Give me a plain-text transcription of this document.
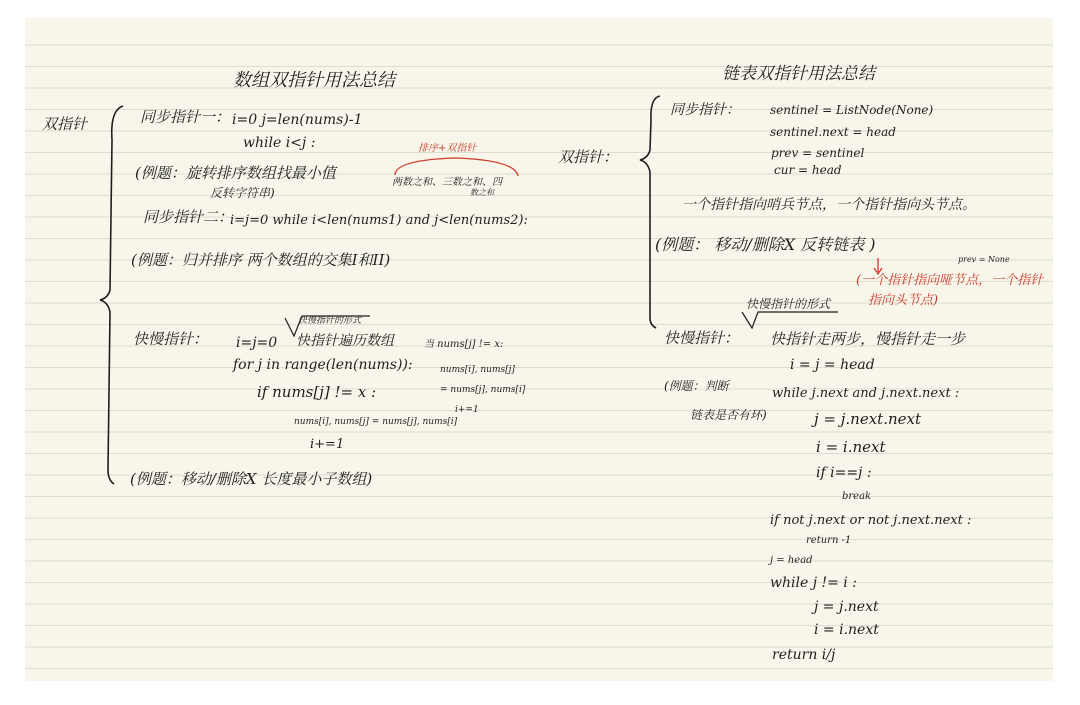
数组双指针用法总结
双指针	同步指针一： i=0 j=len(nums)-1
while i<j :	排序+双指针
(例题：旋转排序数组找最小值
反转字符串)
两数之和、三数之和、四
数之和
同步指针二：
i=j=0 while i<len(nums1) and j<len(nums2):
(例题：归并排序 两个数组的交集I和II)
快慢指针：
快慢指针的形式
i=j=0 快指针遍历数组	当 nums[j] != x:
for j in range(len(nums)):	nums[i], nums[j]
= nums[j], nums[i]
i+=1
if nums[j] != x :
nums[i], nums[j] = nums[j], nums[i]
i+=1
(例题：移动/删除X 长度最小子数组)
链表双指针用法总结
双指针：
同步指针：	sentinel = ListNode(None)
sentinel.next = head
prev = sentinel
cur = head
一个指针指向哨兵节点，一个指针指向头节点。
(例题： 移动/删除X 反转链表 )
prev = None
(一个指针指向哑节点，一个指针
指向头节点)
快慢指针的形式
快慢指针： 快指针走两步，慢指针走一步
i = j = head
(例题：判断
链表是否有环)
while j.next and j.next.next :
j = j.next.next
i = i.next
if i==j :
break
if not j.next or not j.next.next :
return -1
j = head
while j != i :
j = j.next
i = i.next
return i/j
